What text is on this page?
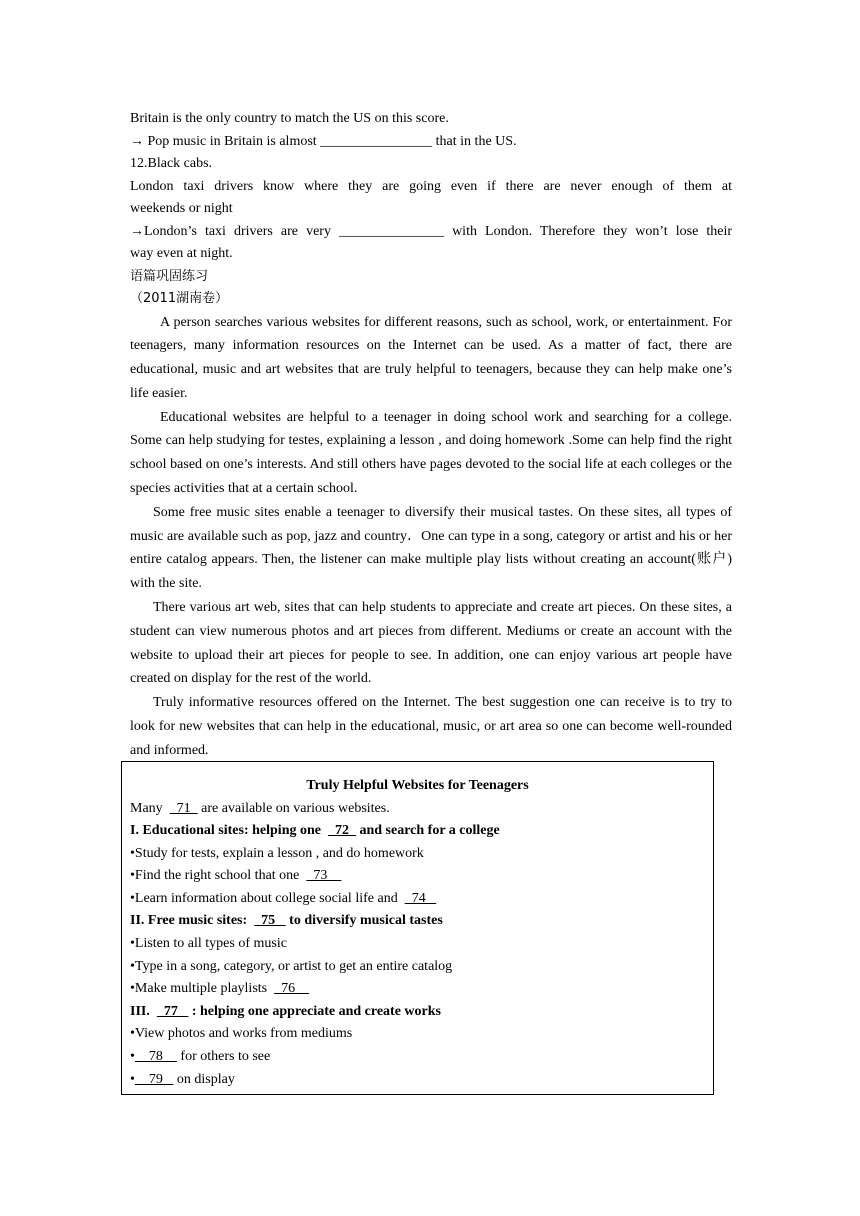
Britain is the only country to match the US on this score.
→ Pop music in Britain is almost ________________ that in the US.
12.Black cabs.
London taxi drivers know where they are going even if there are never enough of them at
weekends or night
→London’s taxi drivers are very _______________ with London. Therefore they won’t lose their
way even at night.
语篇巩固练习
（2011湖南卷）
A person searches various websites for different reasons, such as school, work, or entertainment. For teenagers, many information resources on the Internet can be used. As a matter of fact, there are educational, music and art websites that are truly helpful to teenagers, because they can help make one’s life easier.
Educational websites are helpful to a teenager in doing school work and searching for a college. Some can help studying for testes, explaining a lesson , and doing homework .Some can help find the right school based on one’s interests. And still others have pages devoted to the social life at each colleges or the species activities that at a certain school.
Some free music sites enable a teenager to diversify their musical tastes. On these sites, all types of music are available such as pop, jazz and country．One can type in a song, category or artist and his or her entire catalog appears. Then, the listener can make multiple play lists without creating an account(账户) with the site.
There various art web, sites that can help students to appreciate and create art pieces. On these sites, a student can view numerous photos and art pieces from different. Mediums or create an account with the website to upload their art pieces for people to see. In addition, one can enjoy various art people have created on display for the rest of the world.
Truly informative resources offered on the Internet. The best suggestion one can receive is to try to look for new websites that can help in the educational, music, or art area so one can become well-rounded and informed.
Truly Helpful Websites for Teenagers
Many    71   are available on various websites.
I. Educational sites: helping one    72   and search for a college
•Study for tests, explain a lesson , and do homework
•Find the right school that one    73
•Learn information about college social life and    74
II. Free music sites:    75    to diversify musical tastes
•Listen to all types of music
•Type in a song, category, or artist to get an entire catalog
•Make multiple playlists    76
III.    77    : helping one appreciate and create works
•View photos and works from mediums
•    78     for others to see
•    79    on display
